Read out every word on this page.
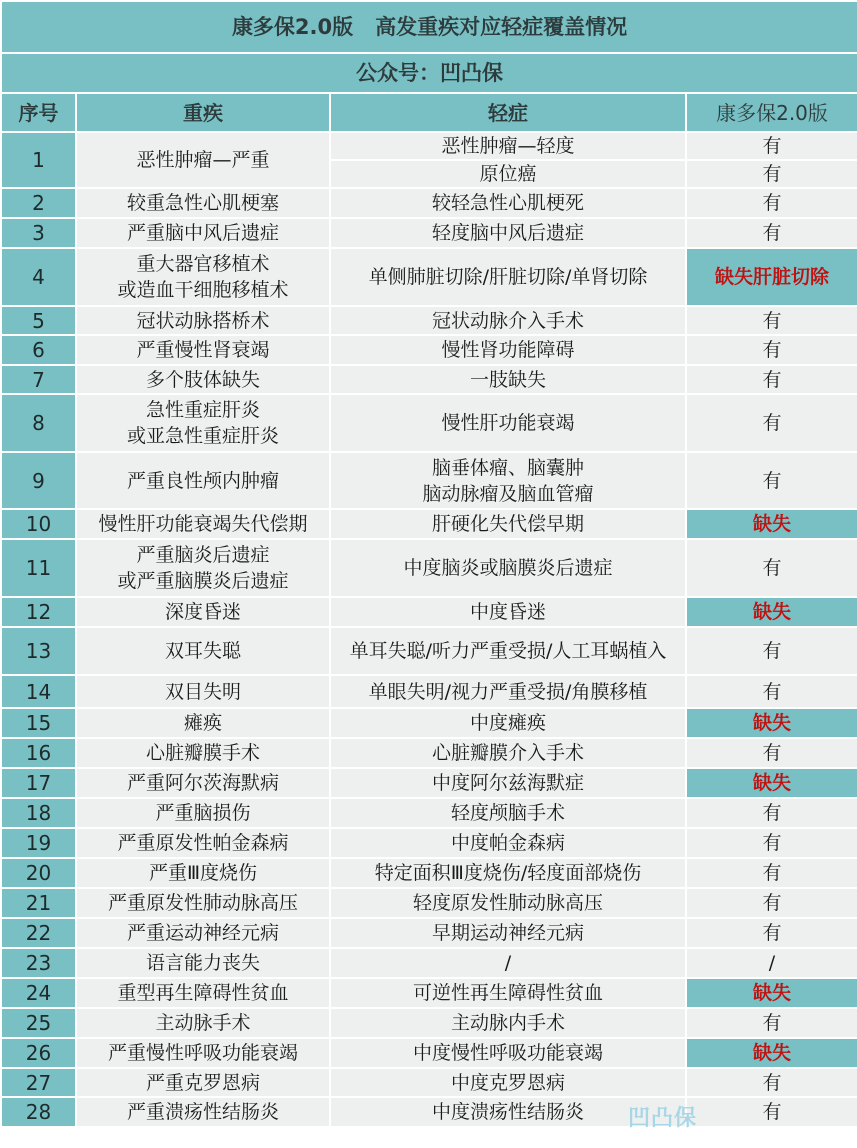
康多保2.0版   高发重疾对应轻症覆盖情况			
公众号：凹凸保			
序号	重疾	轻症	康多保2.0版
1	恶性肿瘤—严重	恶性肿瘤—轻度	有

		原位癌	有
2	较重急性心肌梗塞	较轻急性心肌梗死	有
3	严重脑中风后遗症	轻度脑中风后遗症	有
4	重大器官移植术
或造血干细胞移植术	单侧肺脏切除/肝脏切除/单肾切除	缺失肝脏切除
5	冠状动脉搭桥术	冠状动脉介入手术	有
6	严重慢性肾衰竭	慢性肾功能障碍	有
7	多个肢体缺失	一肢缺失	有
8	急性重症肝炎
或亚急性重症肝炎	慢性肝功能衰竭	有
9	严重良性颅内肿瘤	脑垂体瘤、脑囊肿
脑动脉瘤及脑血管瘤	有
10	慢性肝功能衰竭失代偿期	肝硬化失代偿早期	缺失
11	严重脑炎后遗症
或严重脑膜炎后遗症	中度脑炎或脑膜炎后遗症	有
12	深度昏迷	中度昏迷	缺失
13	双耳失聪	单耳失聪/听力严重受损/人工耳蜗植入	有
14	双目失明	单眼失明/视力严重受损/角膜移植	有
15	瘫痪	中度瘫痪	缺失
16	心脏瓣膜手术	心脏瓣膜介入手术	有
17	严重阿尔茨海默病	中度阿尔兹海默症	缺失
18	严重脑损伤	轻度颅脑手术	有
19	严重原发性帕金森病	中度帕金森病	有
20	严重Ⅲ度烧伤	特定面积Ⅲ度烧伤/轻度面部烧伤	有
21	严重原发性肺动脉高压	轻度原发性肺动脉高压	有
22	严重运动神经元病	早期运动神经元病	有
23	语言能力丧失	/	/
24	重型再生障碍性贫血	可逆性再生障碍性贫血	缺失
25	主动脉手术	主动脉内手术	有
26	严重慢性呼吸功能衰竭	中度慢性呼吸功能衰竭	缺失
27	严重克罗恩病	中度克罗恩病	有
28	严重溃疡性结肠炎	中度溃疡性结肠炎	有
凹凸保
